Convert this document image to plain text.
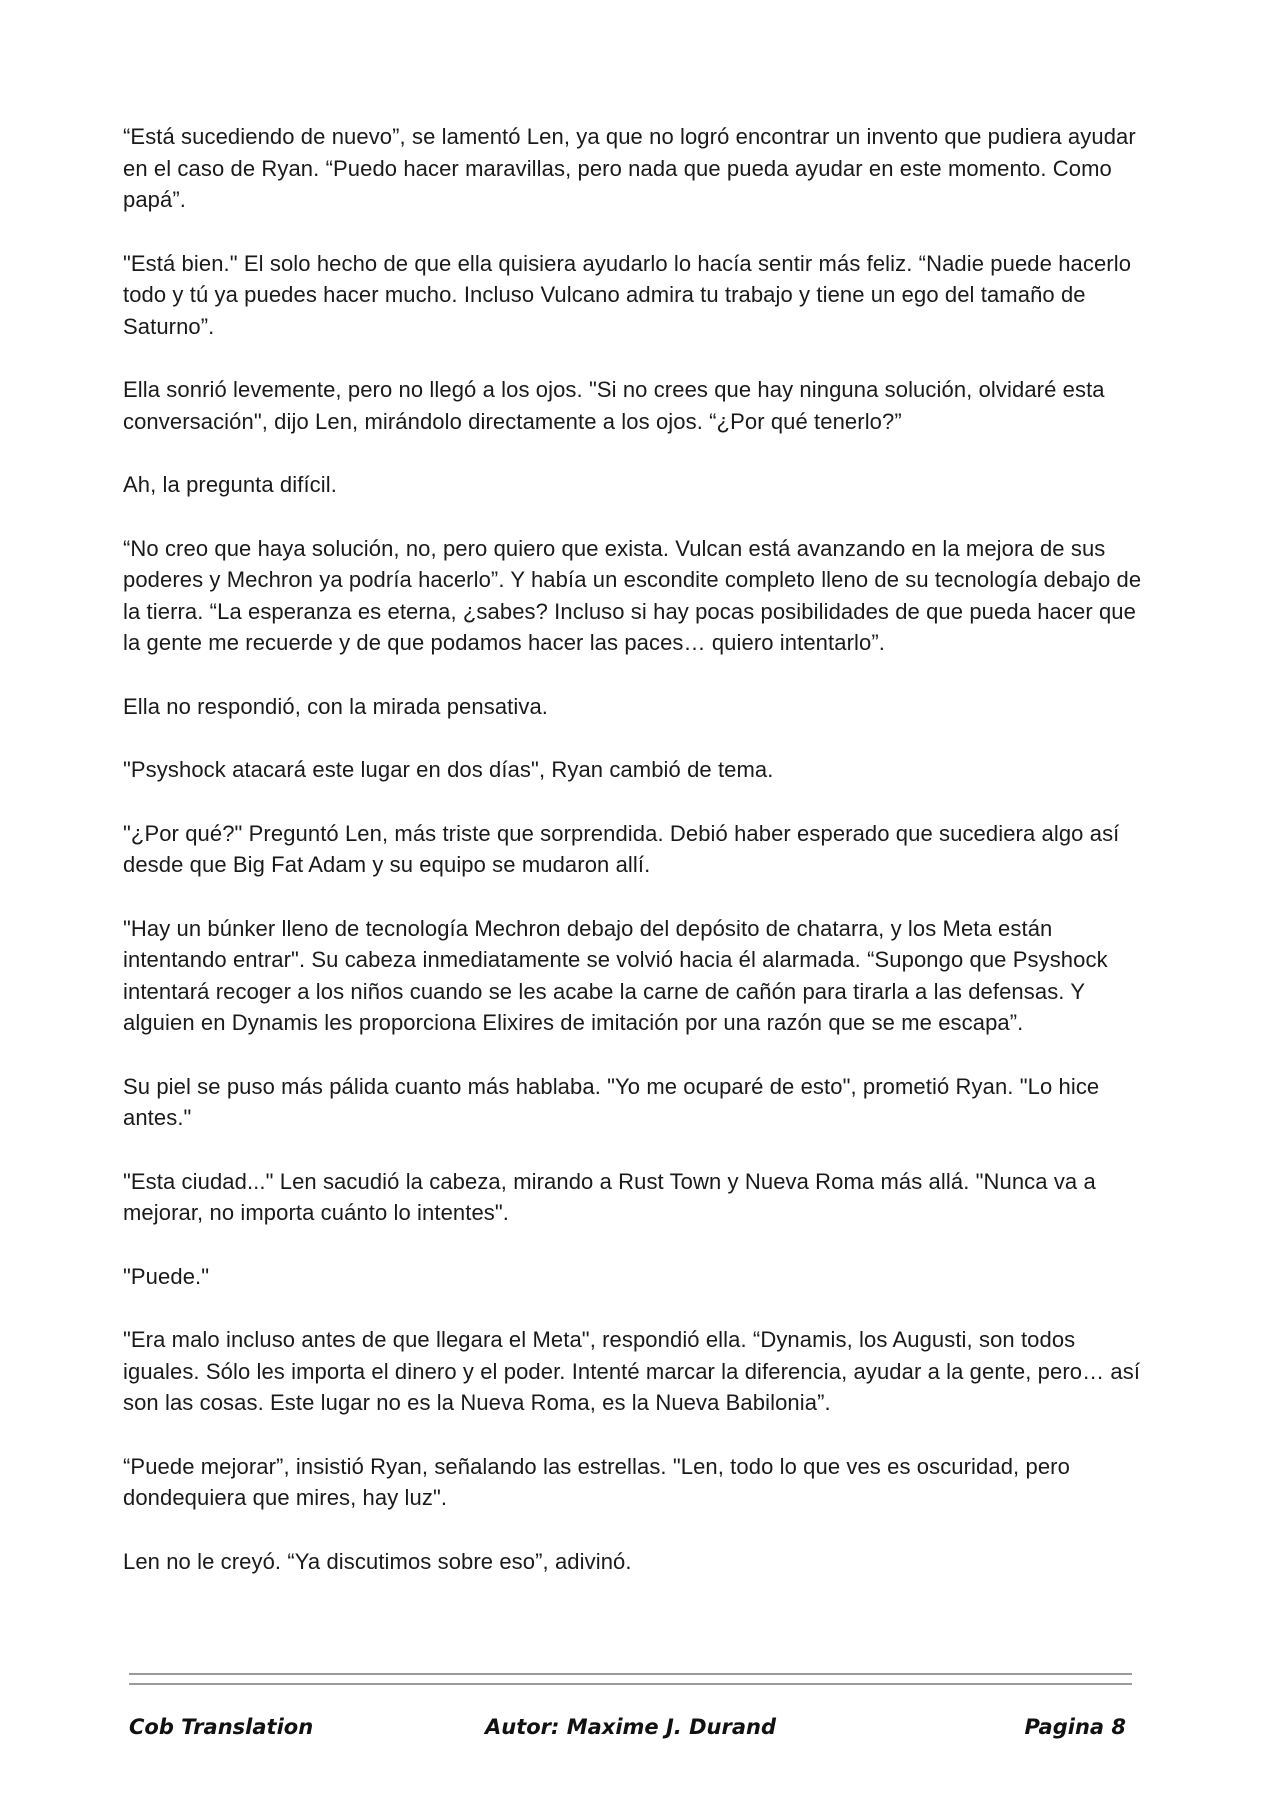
“Está sucediendo de nuevo”, se lamentó Len, ya que no logró encontrar un invento que pudiera ayudar en el caso de Ryan. “Puedo hacer maravillas, pero nada que pueda ayudar en este momento. Como papá”.

"Está bien." El solo hecho de que ella quisiera ayudarlo lo hacía sentir más feliz. “Nadie puede hacerlo todo y tú ya puedes hacer mucho. Incluso Vulcano admira tu trabajo y tiene un ego del tamaño de Saturno”.

Ella sonrió levemente, pero no llegó a los ojos. "Si no crees que hay ninguna solución, olvidaré esta conversación", dijo Len, mirándolo directamente a los ojos. “¿Por qué tenerlo?”

Ah, la pregunta difícil.

“No creo que haya solución, no, pero quiero que exista. Vulcan está avanzando en la mejora de sus poderes y Mechron ya podría hacerlo”. Y había un escondite completo lleno de su tecnología debajo de la tierra. “La esperanza es eterna, ¿sabes? Incluso si hay pocas posibilidades de que pueda hacer que la gente me recuerde y de que podamos hacer las paces… quiero intentarlo”.

Ella no respondió, con la mirada pensativa.

"Psyshock atacará este lugar en dos días", Ryan cambió de tema.

"¿Por qué?" Preguntó Len, más triste que sorprendida. Debió haber esperado que sucediera algo así desde que Big Fat Adam y su equipo se mudaron allí.

"Hay un búnker lleno de tecnología Mechron debajo del depósito de chatarra, y los Meta están intentando entrar". Su cabeza inmediatamente se volvió hacia él alarmada. “Supongo que Psyshock intentará recoger a los niños cuando se les acabe la carne de cañón para tirarla a las defensas. Y alguien en Dynamis les proporciona Elixires de imitación por una razón que se me escapa”.

Su piel se puso más pálida cuanto más hablaba. "Yo me ocuparé de esto", prometió Ryan. "Lo hice antes."

"Esta ciudad..." Len sacudió la cabeza, mirando a Rust Town y Nueva Roma más allá. "Nunca va a mejorar, no importa cuánto lo intentes".

"Puede."

"Era malo incluso antes de que llegara el Meta", respondió ella. “Dynamis, los Augusti, son todos iguales. Sólo les importa el dinero y el poder. Intenté marcar la diferencia, ayudar a la gente, pero… así son las cosas. Este lugar no es la Nueva Roma, es la Nueva Babilonia”.

“Puede mejorar”, insistió Ryan, señalando las estrellas. "Len, todo lo que ves es oscuridad, pero dondequiera que mires, hay luz".

Len no le creyó. “Ya discutimos sobre eso”, adivinó.

Cob Translation	Autor: Maxime J. Durand	Pagina 8
